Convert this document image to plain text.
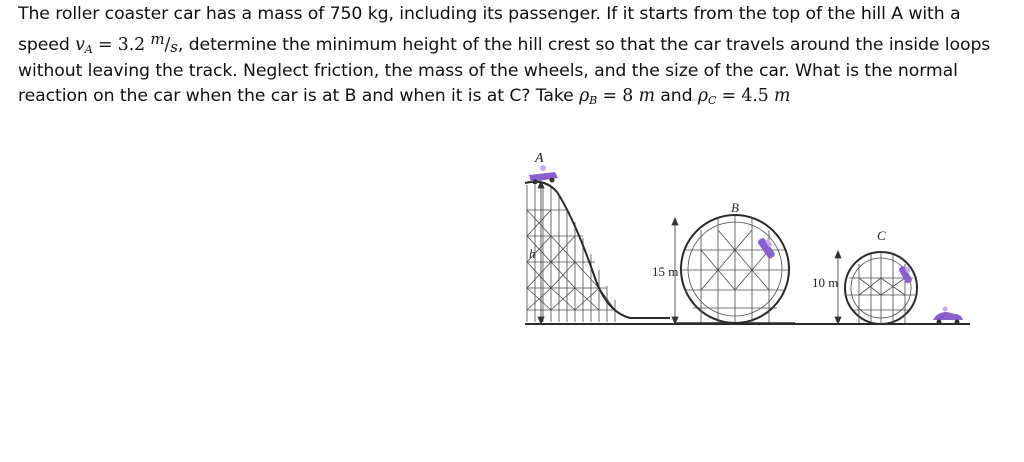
The roller coaster car has a mass of 750 kg, including its passenger. If it starts from the top of the hill A with a speed $v_A = 3.2$ m/s, determine the minimum height of the hill crest so that the car travels around the inside loops without leaving the track. Neglect friction, the mass of the wheels, and the size of the car. What is the normal reaction on the car when the car is at B and when it is at C? Take $\rho_B = 8$ m and $\rho_C = 4.5$ m
A
B
C
h
15 m
10 m
